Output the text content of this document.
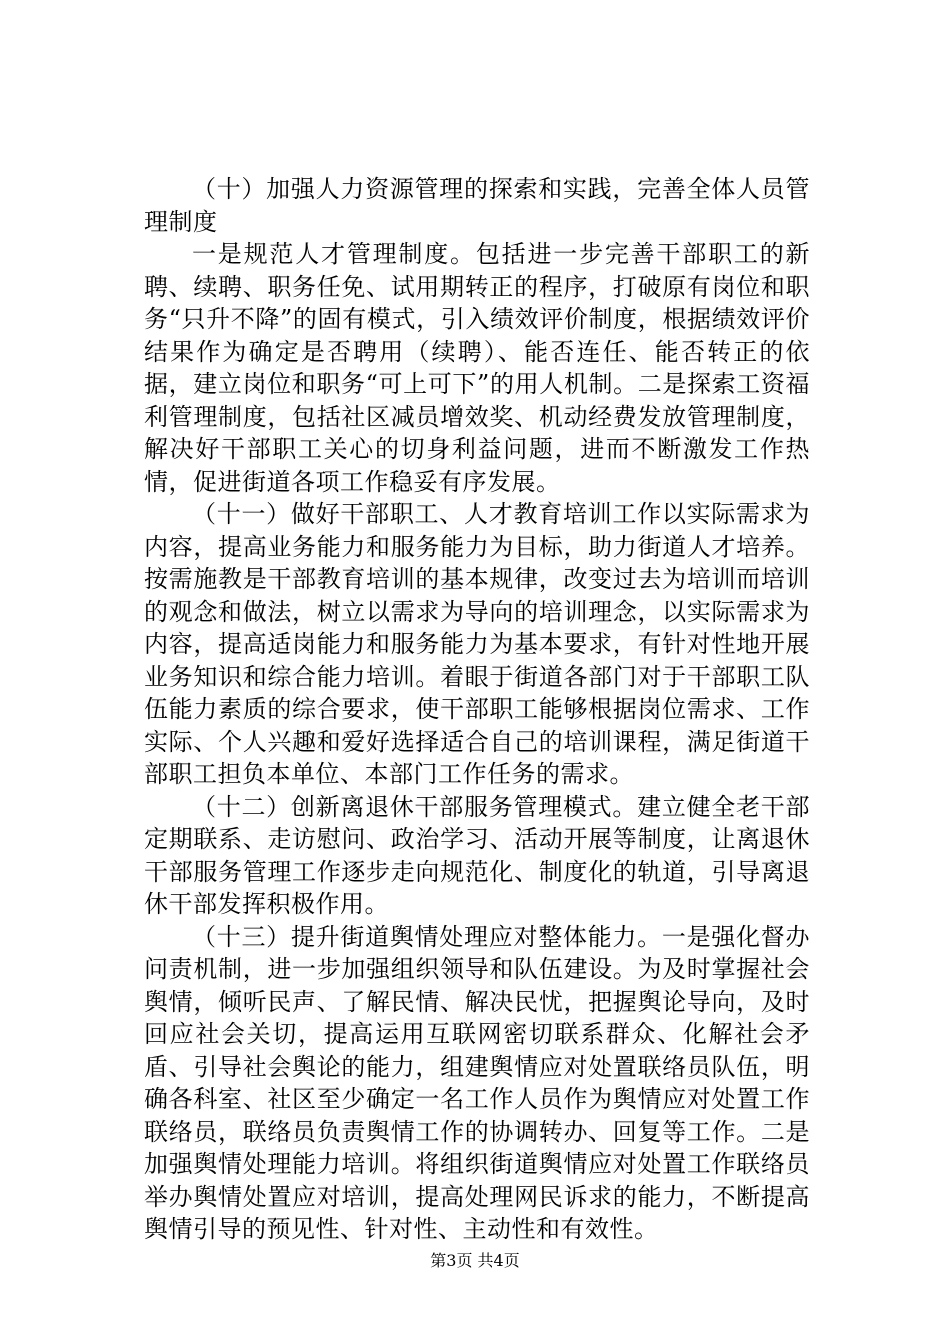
（十）加强人力资源管理的探索和实践，完善全体人员管理制度

一是规范人才管理制度。包括进一步完善干部职工的新聘、续聘、职务任免、试用期转正的程序，打破原有岗位和职务“只升不降”的固有模式，引入绩效评价制度，根据绩效评价结果作为确定是否聘用（续聘）、能否连任、能否转正的依据，建立岗位和职务“可上可下”的用人机制。二是探索工资福利管理制度，包括社区减员增效奖、机动经费发放管理制度，解决好干部职工关心的切身利益问题，进而不断激发工作热情，促进街道各项工作稳妥有序发展。

（十一）做好干部职工、人才教育培训工作以实际需求为内容，提高业务能力和服务能力为目标，助力街道人才培养。按需施教是干部教育培训的基本规律，改变过去为培训而培训的观念和做法，树立以需求为导向的培训理念，以实际需求为内容，提高适岗能力和服务能力为基本要求，有针对性地开展业务知识和综合能力培训。着眼于街道各部门对于干部职工队伍能力素质的综合要求，使干部职工能够根据岗位需求、工作实际、个人兴趣和爱好选择适合自己的培训课程，满足街道干部职工担负本单位、本部门工作任务的需求。

（十二）创新离退休干部服务管理模式。建立健全老干部定期联系、走访慰问、政治学习、活动开展等制度，让离退休干部服务管理工作逐步走向规范化、制度化的轨道，引导离退休干部发挥积极作用。

（十三）提升街道舆情处理应对整体能力。一是强化督办问责机制，进一步加强组织领导和队伍建设。为及时掌握社会舆情，倾听民声、了解民情、解决民忧，把握舆论导向，及时回应社会关切，提高运用互联网密切联系群众、化解社会矛盾、引导社会舆论的能力，组建舆情应对处置联络员队伍，明确各科室、社区至少确定一名工作人员作为舆情应对处置工作联络员，联络员负责舆情工作的协调转办、回复等工作。二是加强舆情处理能力培训。将组织街道舆情应对处置工作联络员举办舆情处置应对培训，提高处理网民诉求的能力，不断提高舆情引导的预见性、针对性、主动性和有效性。

第3页 共4页
